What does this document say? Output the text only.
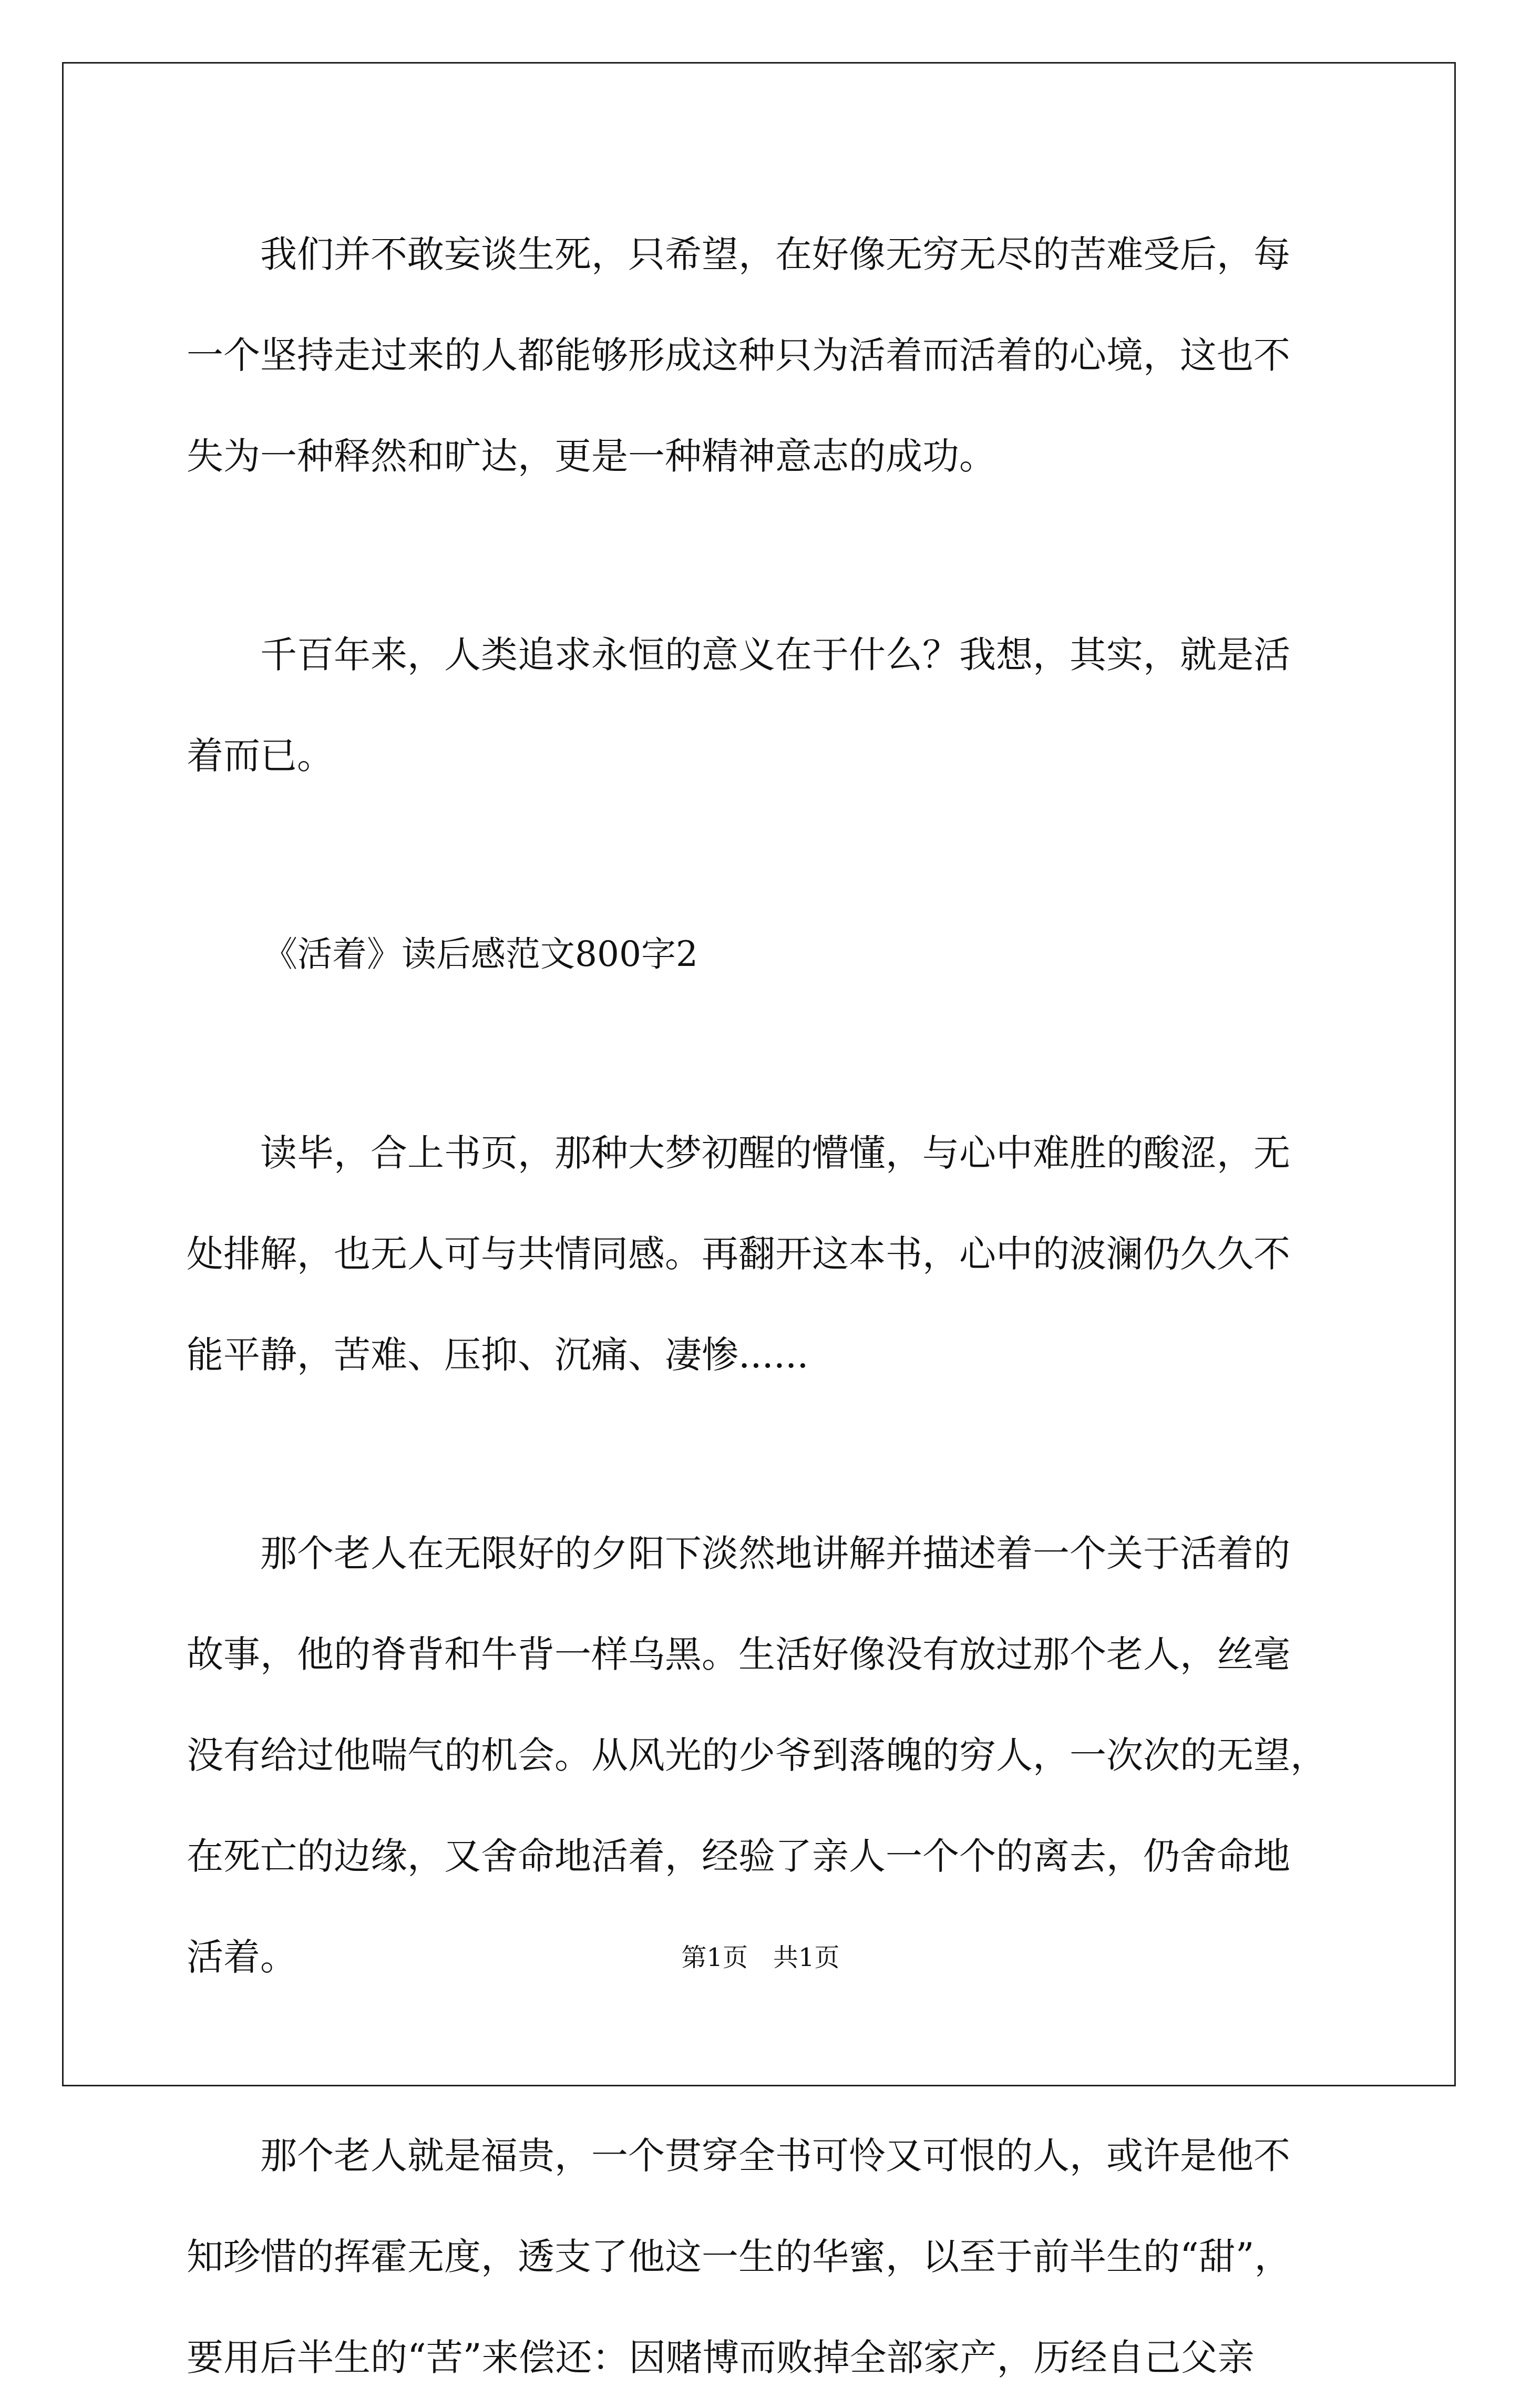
　　我们并不敢妄谈生死，只希望，在好像无穷无尽的苦难受后，每
一个坚持走过来的人都能够形成这种只为活着而活着的心境，这也不
失为一种释然和旷达，更是一种精神意志的成功。
　　千百年来，人类追求永恒的意义在于什么？我想，其实，就是活
着而已。
《活着》读后感范文800字2
　　读毕，合上书页，那种大梦初醒的懵懂，与心中难胜的酸涩，无
处排解，也无人可与共情同感。再翻开这本书，心中的波澜仍久久不
能平静，苦难、压抑、沉痛、凄惨......
　　那个老人在无限好的夕阳下淡然地讲解并描述着一个关于活着的
故事，他的脊背和牛背一样乌黑。生活好像没有放过那个老人，丝毫
没有给过他喘气的机会。从风光的少爷到落魄的穷人，一次次的无望，
在死亡的边缘，又舍命地活着，经验了亲人一个个的离去，仍舍命地
活着。
　　那个老人就是福贵，一个贯穿全书可怜又可恨的人，或许是他不
知珍惜的挥霍无度，透支了他这一生的华蜜，以至于前半生的“甜”，
要用后半生的“苦”来偿还：因赌博而败掉全部家产，历经自己父亲
第1页　共1页
